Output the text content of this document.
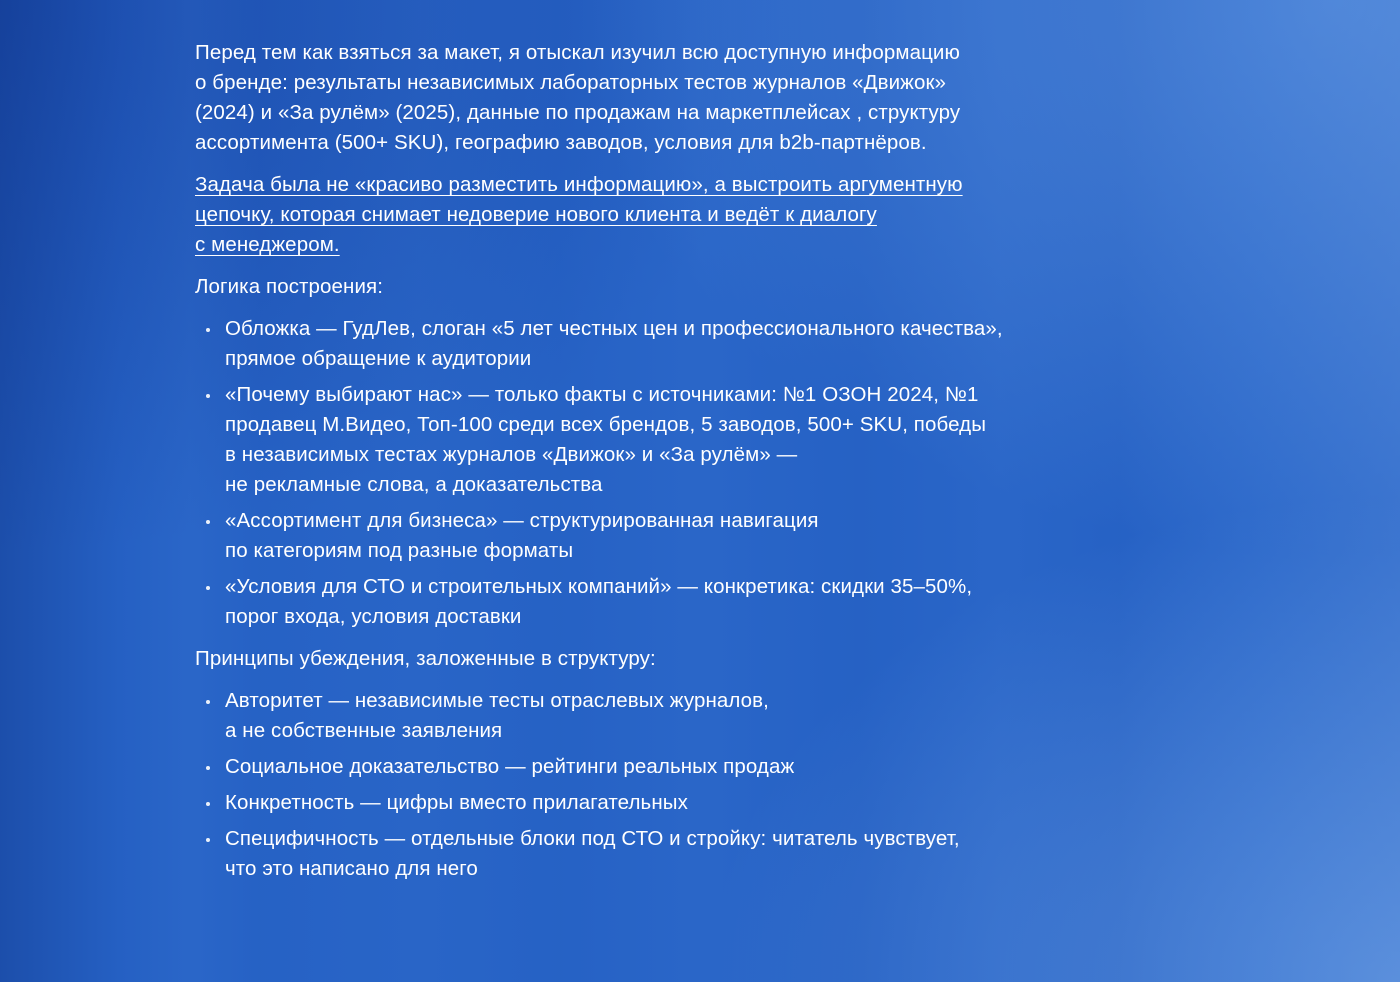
Перед тем как взяться за макет, я отыскал изучил всю доступную информацию
о бренде: результаты независимых лабораторных тестов журналов «Движок»
(2024) и «За рулём» (2025), данные по продажам на маркетплейсах , структуру
ассортимента (500+ SKU), географию заводов, условия для b2b-партнёров.

Задача была не «красиво разместить информацию», а выстроить аргументную
цепочку, которая снимает недоверие нового клиента и ведёт к диалогу
с менеджером.

Логика построения:

Обложка — ГудЛев, слоган «5 лет честных цен и профессионального качества»,
прямое обращение к аудитории
«Почему выбирают нас» — только факты с источниками: №1 ОЗОН 2024, №1
продавец М.Видео, Топ-100 среди всех брендов, 5 заводов, 500+ SKU, победы
в независимых тестах журналов «Движок» и «За рулём» —
не рекламные слова, а доказательства
«Ассортимент для бизнеса» — структурированная навигация
по категориям под разные форматы
«Условия для СТО и строительных компаний» — конкретика: скидки 35–50%,
порог входа, условия доставки

Принципы убеждения, заложенные в структуру:

Авторитет — независимые тесты отраслевых журналов,
а не собственные заявления
Социальное доказательство — рейтинги реальных продаж
Конкретность — цифры вместо прилагательных
Специфичность — отдельные блоки под СТО и стройку: читатель чувствует,
что это написано для него
